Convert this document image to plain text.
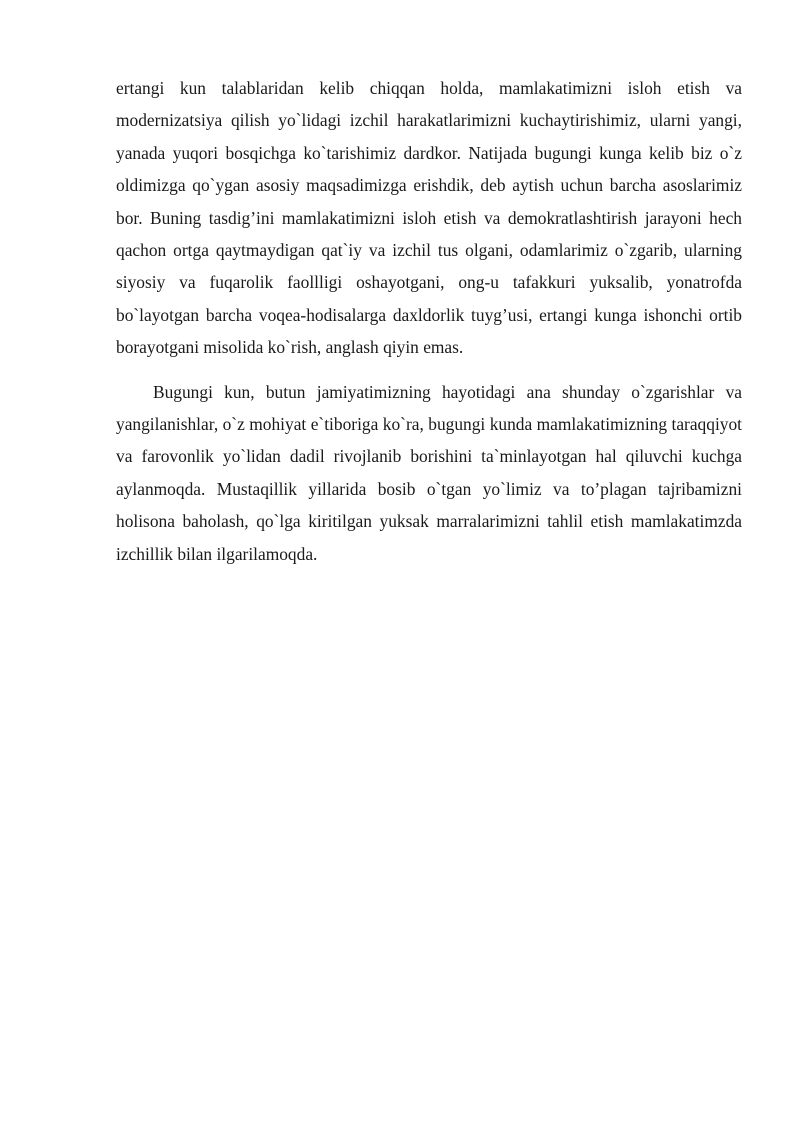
ertangi kun talablaridan kelib chiqqan holda, mamlakatimizni isloh etish va modernizatsiya qilish yo`lidagi izchil harakatlarimizni kuchaytirishimiz, ularni yangi, yanada yuqori bosqichga ko`tarishimiz dardkor. Natijada bugungi kunga kelib biz o`z oldimizga qo`ygan asosiy maqsadimizga erishdik, deb aytish uchun barcha asoslarimiz bor. Buning tasdig’ini mamlakatimizni isloh etish va demokratlashtirish jarayoni hech qachon ortga qaytmaydigan qat`iy va izchil tus olgani, odamlarimiz o`zgarib, ularning siyosiy va fuqarolik faollligi oshayotgani, ong-u tafakkuri yuksalib, yonatrofda bo`layotgan barcha voqea-hodisalarga daxldorlik tuyg’usi, ertangi kunga ishonchi ortib borayotgani misolida ko`rish, anglash qiyin emas.

Bugungi kun, butun jamiyatimizning hayotidagi ana shunday o`zgarishlar va yangilanishlar, o`z mohiyat e`tiboriga ko`ra, bugungi kunda mamlakatimizning taraqqiyot va farovonlik yo`lidan dadil rivojlanib borishini ta`minlayotgan hal qiluvchi kuchga aylanmoqda. Mustaqillik yillarida bosib o`tgan yo`limiz va to’plagan tajribamizni holisona baholash, qo`lga kiritilgan yuksak marralarimizni tahlil etish mamlakatimzda izchillik bilan ilgarilamoqda.
